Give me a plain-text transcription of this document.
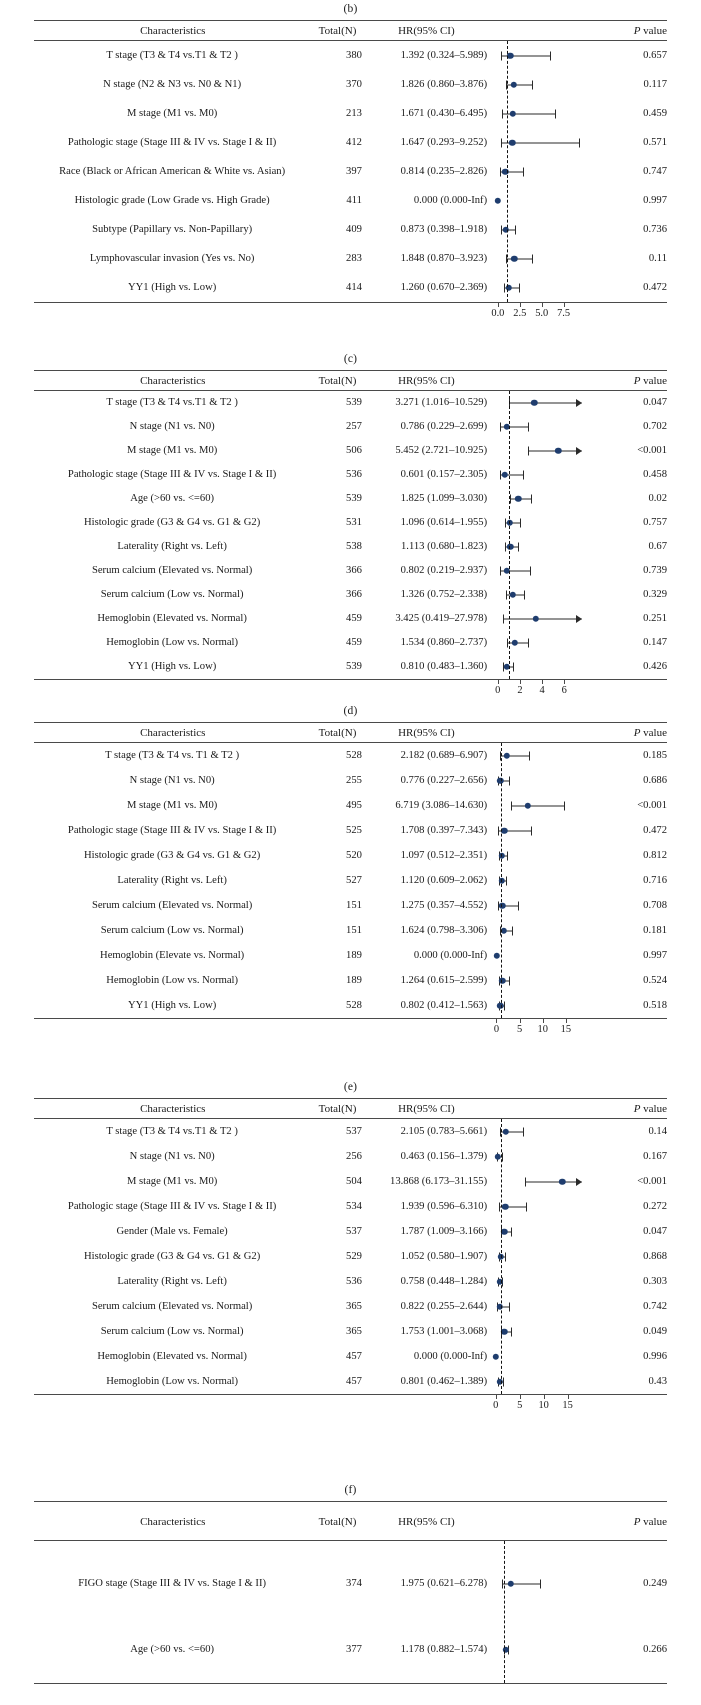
(b)
Characteristics	Total(N)	HR(95% CI)	P value
T stage (T3 & T4 vs.T1 & T2 )	380	1.392 (0.324–5.989)	0.657
N stage (N2 & N3 vs. N0 & N1)	370	1.826 (0.860–3.876)	0.117
M stage (M1 vs. M0)	213	1.671 (0.430–6.495)	0.459
Pathologic stage (Stage III & IV vs. Stage I & II)	412	1.647 (0.293–9.252)	0.571
Race (Black or African American & White vs. Asian)	397	0.814 (0.235–2.826)	0.747
Histologic grade (Low Grade vs. High Grade)	411	0.000 (0.000-Inf)	0.997
Subtype (Papillary vs. Non-Papillary)	409	0.873 (0.398–1.918)	0.736
Lymphovascular invasion (Yes vs. No)	283	1.848 (0.870–3.923)	0.11
YY1 (High vs. Low)	414	1.260 (0.670–2.369)	0.472
0.0 2.5 5.0 7.5
(c)
Characteristics	Total(N)	HR(95% CI)	P value
T stage (T3 & T4 vs.T1 & T2 )	539	3.271 (1.016–10.529)	0.047
N stage (N1 vs. N0)	257	0.786 (0.229–2.699)	0.702
M stage (M1 vs. M0)	506	5.452 (2.721–10.925)	<0.001
Pathologic stage (Stage III & IV vs. Stage I & II)	536	0.601 (0.157–2.305)	0.458
Age (>60 vs. <=60)	539	1.825 (1.099–3.030)	0.02
Histologic grade (G3 & G4 vs. G1 & G2)	531	1.096 (0.614–1.955)	0.757
Laterality (Right vs. Left)	538	1.113 (0.680–1.823)	0.67
Serum calcium (Elevated vs. Normal)	366	0.802 (0.219–2.937)	0.739
Serum calcium (Low vs. Normal)	366	1.326 (0.752–2.338)	0.329
Hemoglobin (Elevated vs. Normal)	459	3.425 (0.419–27.978)	0.251
Hemoglobin (Low vs. Normal)	459	1.534 (0.860–2.737)	0.147
YY1 (High vs. Low)	539	0.810 (0.483–1.360)	0.426
0 2 4 6
(d)
Characteristics	Total(N)	HR(95% CI)	P value
T stage (T3 & T4 vs. T1 & T2 )	528	2.182 (0.689–6.907)	0.185
N stage (N1 vs. N0)	255	0.776 (0.227–2.656)	0.686
M stage (M1 vs. M0)	495	6.719 (3.086–14.630)	<0.001
Pathologic stage (Stage III & IV vs. Stage I & II)	525	1.708 (0.397–7.343)	0.472
Histologic grade (G3 & G4 vs. G1 & G2)	520	1.097 (0.512–2.351)	0.812
Laterality (Right vs. Left)	527	1.120 (0.609–2.062)	0.716
Serum calcium (Elevated vs. Normal)	151	1.275 (0.357–4.552)	0.708
Serum calcium (Low vs. Normal)	151	1.624 (0.798–3.306)	0.181
Hemoglobin (Elevate vs. Normal)	189	0.000 (0.000-Inf)	0.997
Hemoglobin (Low vs. Normal)	189	1.264 (0.615–2.599)	0.524
YY1 (High vs. Low)	528	0.802 (0.412–1.563)	0.518
0 5 10 15
(e)
Characteristics	Total(N)	HR(95% CI)	P value
T stage (T3 & T4 vs.T1 & T2 )	537	2.105 (0.783–5.661)	0.14
N stage (N1 vs. N0)	256	0.463 (0.156–1.379)	0.167
M stage (M1 vs. M0)	504	13.868 (6.173–31.155)	<0.001
Pathologic stage (Stage III & IV vs. Stage I & II)	534	1.939 (0.596–6.310)	0.272
Gender (Male vs. Female)	537	1.787 (1.009–3.166)	0.047
Histologic grade (G3 & G4 vs. G1 & G2)	529	1.052 (0.580–1.907)	0.868
Laterality (Right vs. Left)	536	0.758 (0.448–1.284)	0.303
Serum calcium (Elevated vs. Normal)	365	0.822 (0.255–2.644)	0.742
Serum calcium (Low vs. Normal)	365	1.753 (1.001–3.068)	0.049
Hemoglobin (Elevated vs. Normal)	457	0.000 (0.000-Inf)	0.996
Hemoglobin (Low vs. Normal)	457	0.801 (0.462–1.389)	0.43
0 5 10 15
(f)
Characteristics	Total(N)	HR(95% CI)	P value
FIGO stage (Stage III & IV vs. Stage I & II)	374	1.975 (0.621–6.278)	0.249
Age (>60 vs. <=60)	377	1.178 (0.882–1.574)	0.266
